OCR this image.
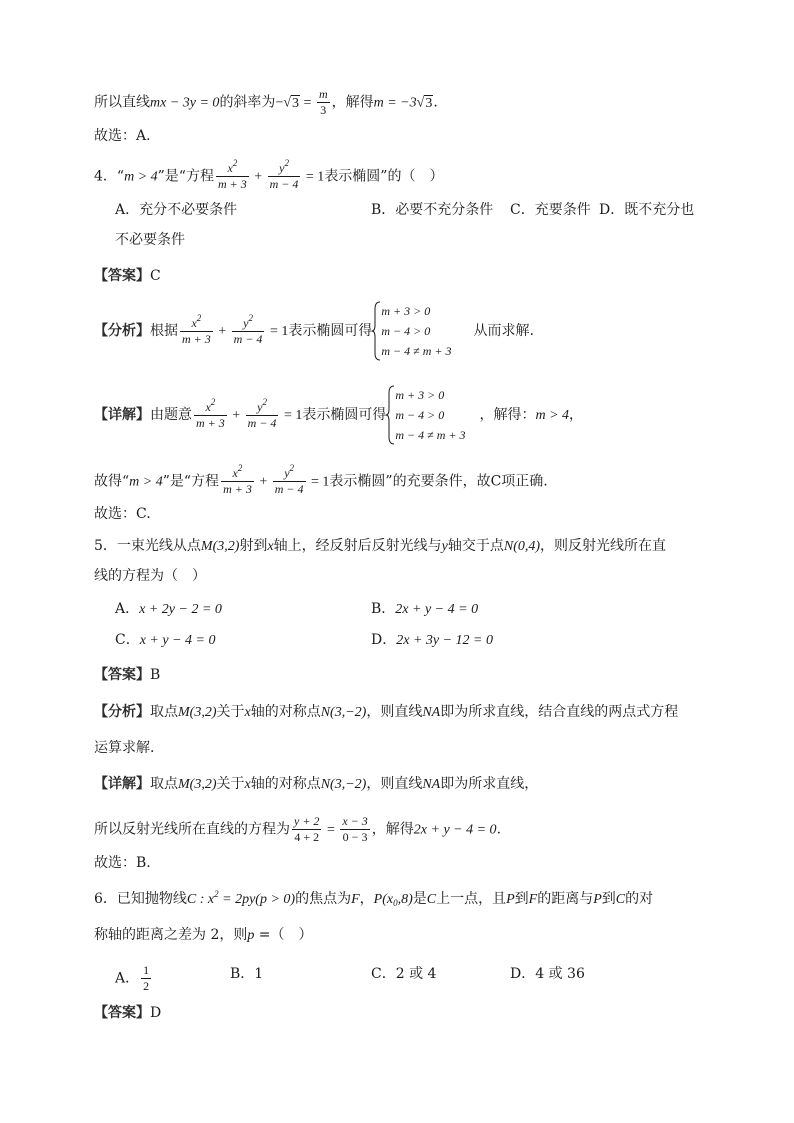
所以直线mx − 3y = 0的斜率为$-√3 = \frac{m}{3}$ ，解得m = −3√3.
故选：A.
4．“m > 4”是“方程 $\frac{x^2}{m + 3} + \frac{y^2}{m - 4} = 1$表示椭圆”的（　）
A．充分不必要条件	B．必要不充分条件 C．充要条件 D．既不充分也
不必要条件
【答案】C
【分析】根据 $\frac{x^2}{m + 3} + \frac{y^2}{m - 4} = 1$表示椭圆可得
m + 3 > 0
m − 4 > 0
m − 4 ≠ m + 3
从而求解.
【详解】由题意 $\frac{x^2}{m + 3} + \frac{y^2}{m - 4} = 1$表示椭圆可得
m + 3 > 0
m − 4 > 0
m − 4 ≠ m + 3
，解得：m > 4，
故得“m > 4”是“方程 $\frac{x^2}{m + 3} + \frac{y^2}{m - 4} = 1$表示椭圆”的充要条件，故C项正确.
故选：C.
5．一束光线从点M(3,2)射到x轴上，经反射后反射光线与y轴交于点N(0,4)，则反射光线所在直
线的方程为（　）
A．x + 2y − 2 = 0	B．2x + y − 4 = 0
C．x + y − 4 = 0	D．2x + 3y − 12 = 0
【答案】B
【分析】取点M(3,2)关于x轴的对称点N(3,−2)，则直线NA即为所求直线，结合直线的两点式方程
运算求解.
【详解】取点M(3,2)关于x轴的对称点N(3,−2)，则直线NA即为所求直线，
所以反射光线所在直线的方程为 $\frac{y + 2}{4 + 2} = \frac{x - 3}{0 - 3}$ ，解得2x + y − 4 = 0.
故选：B.
6．已知抛物线C : $x^2 = 2py(p > 0)$的焦点为F，$P(x_0,8)$是C上一点，且P到F的距离与P到C的对
称轴的距离之差为 2，则p =（　）
A． $\frac{1}{2}$	B．1	C．2 或 4	D．4 或 36
【答案】D
